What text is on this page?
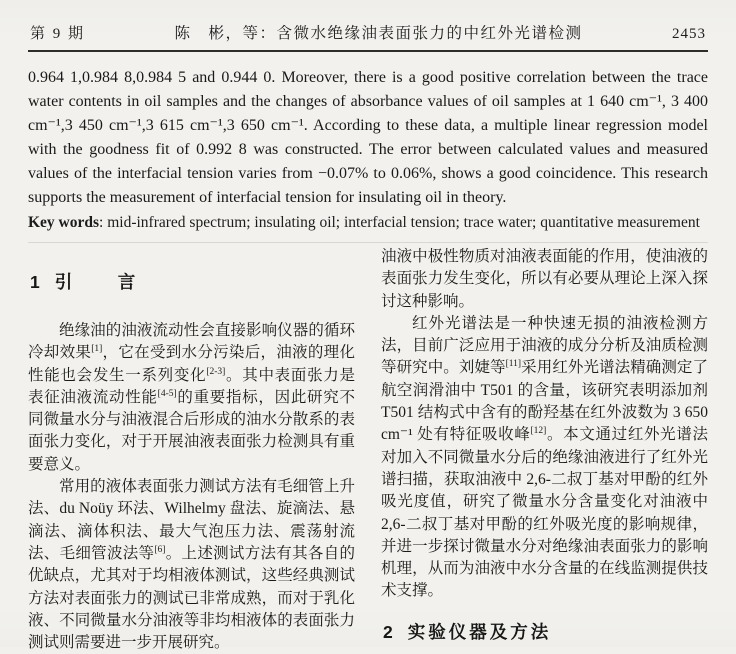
第 9 期	陈　彬，等：含微水绝缘油表面张力的中红外光谱检测	2453

0.964 1,0.984 8,0.984 5 and 0.944 0. Moreover, there is a good positive correlation between the trace water contents in oil samples and the changes of absorbance values of oil samples at 1 640 cm⁻¹, 3 400 cm⁻¹,3 450 cm⁻¹,3 615 cm⁻¹,3 650 cm⁻¹. According to these data, a multiple linear regression model with the goodness fit of 0.992 8 was constructed. The error between calculated values and measured values of the interfacial tension varies from −0.07% to 0.06%, shows a good coincidence. This research supports the measurement of interfacial tension for insulating oil in theory.

Key words: mid-infrared spectrum; insulating oil; interfacial tension; trace water; quantitative measurement

1 引　言

绝缘油的油液流动性会直接影响仪器的循环冷却效果[1]，它在受到水分污染后，油液的理化性能也会发生一系列变化[2-3]。其中表面张力是表征油液流动性能[4-5]的重要指标，因此研究不同微量水分与油液混合后形成的油水分散系的表面张力变化，对于开展油液表面张力检测具有重要意义。

常用的液体表面张力测试方法有毛细管上升法、du Noüy 环法、Wilhelmy 盘法、旋滴法、悬滴法、滴体积法、最大气泡压力法、震荡射流法、毛细管波法等[6]。上述测试方法有其各自的优缺点，尤其对于均相液体测试，这些经典测试方法对表面张力的测试已非常成熟，而对于乳化液、不同微量水分油液等非均相液体的表面张力测试则需要进一步开展研究。

油液中极性物质对油液表面能的作用，使油液的表面张力发生变化，所以有必要从理论上深入探讨这种影响。

红外光谱法是一种快速无损的油液检测方法，目前广泛应用于油液的成分分析及油质检测等研究中。刘婕等[11]采用红外光谱法精确测定了航空润滑油中 T501 的含量，该研究表明添加剂 T501 结构式中含有的酚羟基在红外波数为 3 650 cm⁻¹ 处有特征吸收峰[12]。本文通过红外光谱法对加入不同微量水分后的绝缘油液进行了红外光谱扫描，获取油液中 2,6-二叔丁基对甲酚的红外吸光度值，研究了微量水分含量变化对油液中 2,6-二叔丁基对甲酚的红外吸光度的影响规律，并进一步探讨微量水分对绝缘油表面张力的影响机理，从而为油液中水分含量的在线监测提供技术支撑。

2 实验仪器及方法
